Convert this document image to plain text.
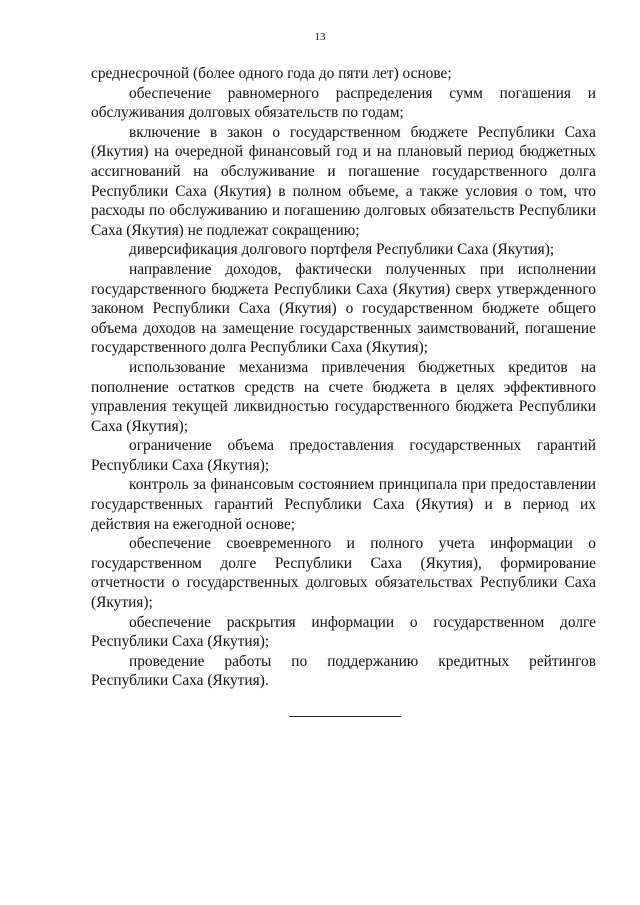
13

среднесрочной (более одного года до пяти лет) основе;

обеспечение равномерного распределения сумм погашения и обслуживания долговых обязательств по годам;

включение в закон о государственном бюджете Республики Саха (Якутия) на очередной финансовый год и на плановый период бюджетных ассигнований на обслуживание и погашение государственного долга Республики Саха (Якутия) в полном объеме, а также условия о том, что расходы по обслуживанию и погашению долговых обязательств Республики Саха (Якутия) не подлежат сокращению;

диверсификация долгового портфеля Республики Саха (Якутия);

направление доходов, фактически полученных при исполнении государственного бюджета Республики Саха (Якутия) сверх утвержденного законом Республики Саха (Якутия) о государственном бюджете общего объема доходов на замещение государственных заимствований, погашение государственного долга Республики Саха (Якутия);

использование механизма привлечения бюджетных кредитов на пополнение остатков средств на счете бюджета в целях эффективного управления текущей ликвидностью государственного бюджета Республики Саха (Якутия);

ограничение объема предоставления государственных гарантий Республики Саха (Якутия);

контроль за финансовым состоянием принципала при предоставлении государственных гарантий Республики Саха (Якутия) и в период их действия на ежегодной основе;

обеспечение своевременного и полного учета информации о государственном долге Республики Саха (Якутия), формирование отчетности о государственных долговых обязательствах Республики Саха (Якутия);

обеспечение раскрытия информации о государственном долге Республики Саха (Якутия);

проведение работы по поддержанию кредитных рейтингов Республики Саха (Якутия).
